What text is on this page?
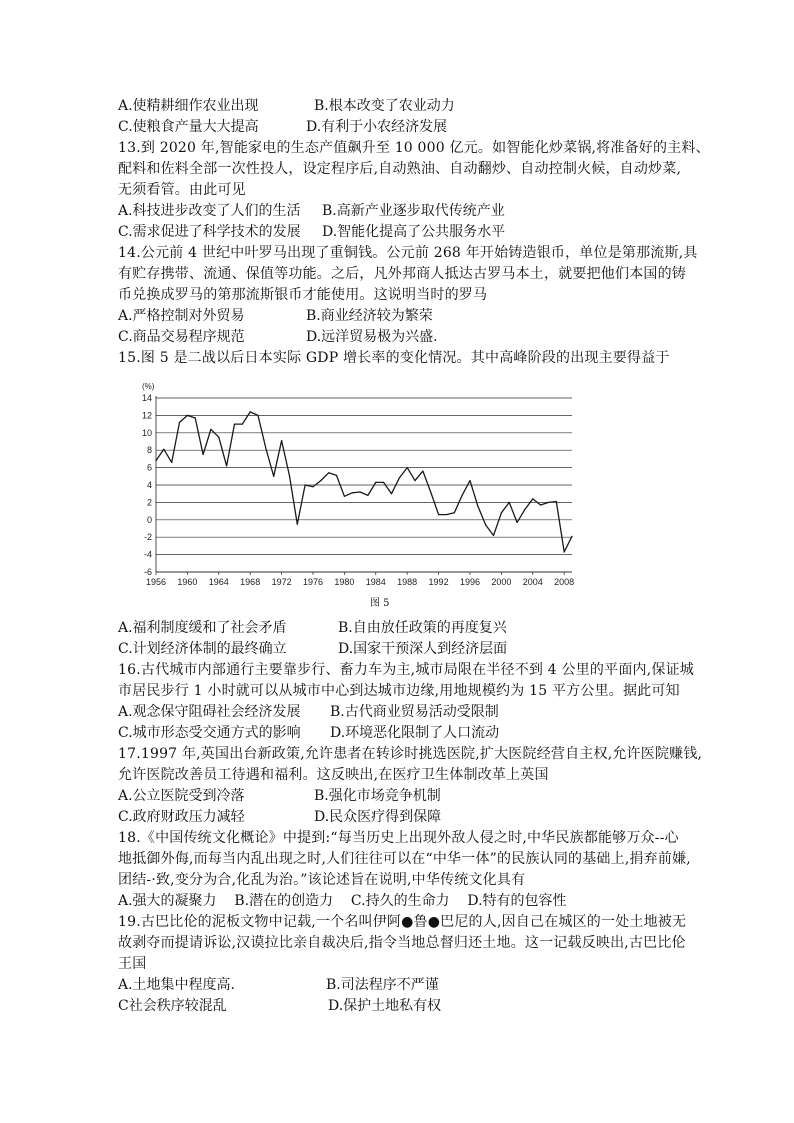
A.使精耕细作农业出现	B.根本改变了农业动力
C.使粮食产量大大提高	D.有利于小农经济发展
13.到 2020 年,智能家电的生态产值飙升至 10 000 亿元。如智能化炒菜锅,将准备好的主料、
配料和佐料全部一次性投人，设定程序后,自动熟油、自动翻炒、自动控制火候，自动炒菜,
无须看管。由此可见
A.科技进步改变了人们的生活 B.高新产业逐步取代传统产业
C.需求促进了科学技术的发展 D.智能化提高了公共服务水平
14.公元前 4 世纪中叶罗马出现了重铜钱。公元前 268 年开始铸造银币，单位是第那流斯,具
有贮存携带、流通、保值等功能。之后，凡外邦商人抵达古罗马本土，就要把他们本国的铸
币兑换成罗马的第那流斯银币才能使用。这说明当时的罗马
A.严格控制对外贸易	B.商业经济较为繁荣
C.商品交易程序规范	D.远洋贸易极为兴盛.
15.图 5 是二战以后日本实际 GDP 增长率的变化情况。其中高峰阶段的出现主要得益于
14
12
10
8
6
4
2
0
-2
-4
-6
(%)
1956 1960 1964 1968 1972 1976 1980 1984 1988 1992 1996 2000 2004 2008
图 5
A.福利制度缓和了社会矛盾	B.自由放任政策的再度复兴
C.计划经济体制的最终确立	D.国家干预深人到经济层面
16.古代城市内部通行主要靠步行、畜力车为主,城市局限在半径不到 4 公里的平面内,保证城
市居民步行 1 小时就可以从城市中心到达城市边缘,用地规模约为 15 平方公里。据此可知
A.观念保守阻碍社会经济发展 B.古代商业贸易活动受限制
C.城市形态受交通方式的影响 D.环境恶化限制了人口流动
17.1997 年,英国出台新政策,允许患者在转诊时挑选医院,扩大医院经营自主权,允许医院赚钱,
允许医院改善员工待遇和福利。这反映出,在医疗卫生体制改革上英国
A.公立医院受到冷落	B.强化市场竞争机制
C.政府财政压力减轻	D.民众医疗得到保障
18.《中国传统文化概论》中提到:“每当历史上出现外敌人侵之时,中华民族都能够万众--心
地抵御外侮,而每当内乱出现之时,人们往往可以在“中华一体”的民族认同的基础上,捐弃前嫌,
团结-·致,变分为合,化乱为治。”该论述旨在说明,中华传统文化具有
A.强大的凝聚力    B.潜在的创造力    C.持久的生命力    D.特有的包容性
19.古巴比伦的泥板文物中记载,一个名叫伊阿●鲁●巴尼的人,因自己在城区的一处土地被无
故剥夺而提请诉讼,汉谟拉比亲自裁决后,指令当地总督归还土地。这一记载反映出,古巴比伦
王国
A.土地集中程度高.	B.司法程序不严谨
C社会秩序较混乱	D.保护土地私有权
